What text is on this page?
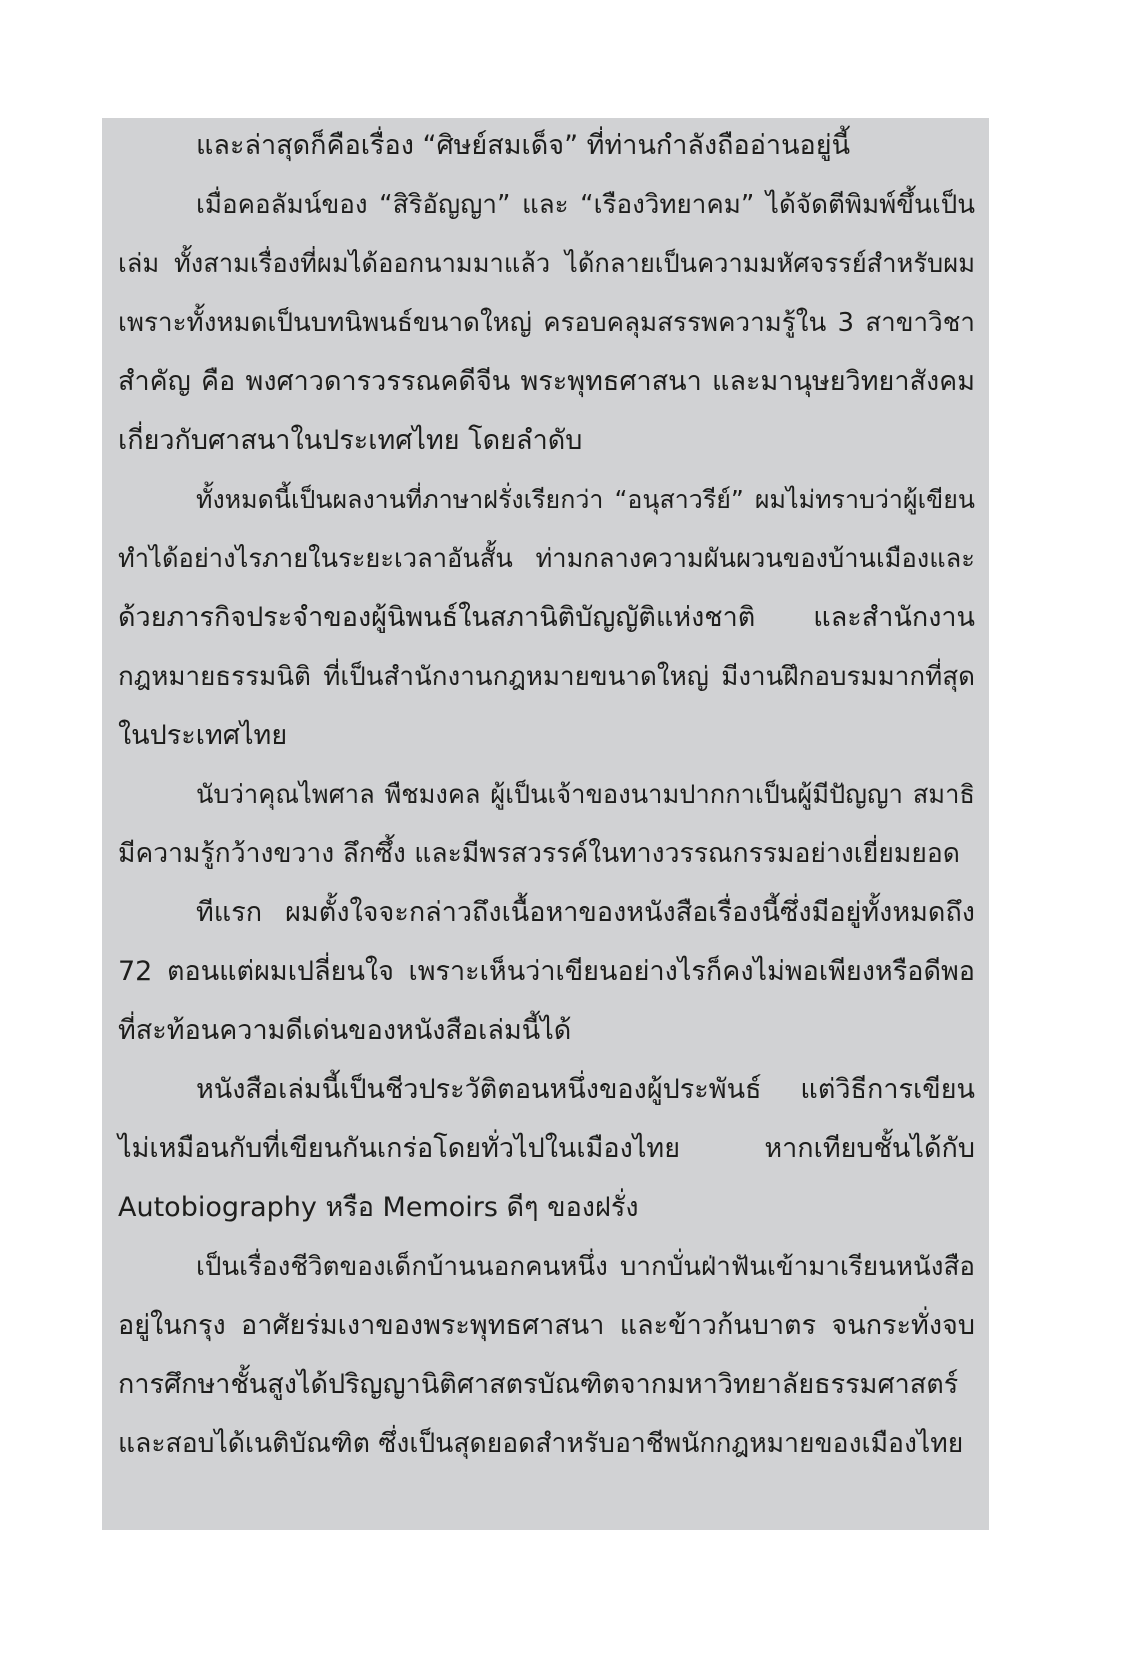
และล่าสุดก็คือเรื่อง “ศิษย์สมเด็จ” ที่ท่านกำลังถืออ่านอยู่นี้
เมื่อคอลัมน์ของ “สิริอัญญา” และ “เรืองวิทยาคม” ได้จัดตีพิมพ์ขึ้นเป็น
เล่ม ทั้งสามเรื่องที่ผมได้ออกนามมาแล้ว ได้กลายเป็นความมหัศจรรย์สำหรับผม
เพราะทั้งหมดเป็นบทนิพนธ์ขนาดใหญ่ ครอบคลุมสรรพความรู้ใน 3 สาขาวิชา
สำคัญ คือ พงศาวดารวรรณคดีจีน พระพุทธศาสนา และมานุษยวิทยาสังคม
เกี่ยวกับศาสนาในประเทศไทย โดยลำดับ
ทั้งหมดนี้เป็นผลงานที่ภาษาฝรั่งเรียกว่า “อนุสาวรีย์” ผมไม่ทราบว่าผู้เขียน
ทำได้อย่างไรภายในระยะเวลาอันสั้น ท่ามกลางความผันผวนของบ้านเมืองและ
ด้วยภารกิจประจำของผู้นิพนธ์ในสภานิติบัญญัติแห่งชาติ และสำนักงาน
กฎหมายธรรมนิติ ที่เป็นสำนักงานกฎหมายขนาดใหญ่ มีงานฝึกอบรมมากที่สุด
ในประเทศไทย
นับว่าคุณไพศาล พืชมงคล ผู้เป็นเจ้าของนามปากกาเป็นผู้มีปัญญา สมาธิ
มีความรู้กว้างขวาง ลึกซึ้ง และมีพรสวรรค์ในทางวรรณกรรมอย่างเยี่ยมยอด
ทีแรก ผมตั้งใจจะกล่าวถึงเนื้อหาของหนังสือเรื่องนี้ซึ่งมีอยู่ทั้งหมดถึง
72 ตอนแต่ผมเปลี่ยนใจ เพราะเห็นว่าเขียนอย่างไรก็คงไม่พอเพียงหรือดีพอ
ที่สะท้อนความดีเด่นของหนังสือเล่มนี้ได้
หนังสือเล่มนี้เป็นชีวประวัติตอนหนึ่งของผู้ประพันธ์ แต่วิธีการเขียน
ไม่เหมือนกับที่เขียนกันเกร่อโดยทั่วไปในเมืองไทย หากเทียบชั้นได้กับ
Autobiography หรือ Memoirs ดีๆ ของฝรั่ง
เป็นเรื่องชีวิตของเด็กบ้านนอกคนหนึ่ง บากบั่นฝ่าฟันเข้ามาเรียนหนังสือ
อยู่ในกรุง อาศัยร่มเงาของพระพุทธศาสนา และข้าวก้นบาตร จนกระทั่งจบ
การศึกษาชั้นสูงได้ปริญญานิติศาสตรบัณฑิตจากมหาวิทยาลัยธรรมศาสตร์
และสอบได้เนติบัณฑิต ซึ่งเป็นสุดยอดสำหรับอาชีพนักกฎหมายของเมืองไทย
